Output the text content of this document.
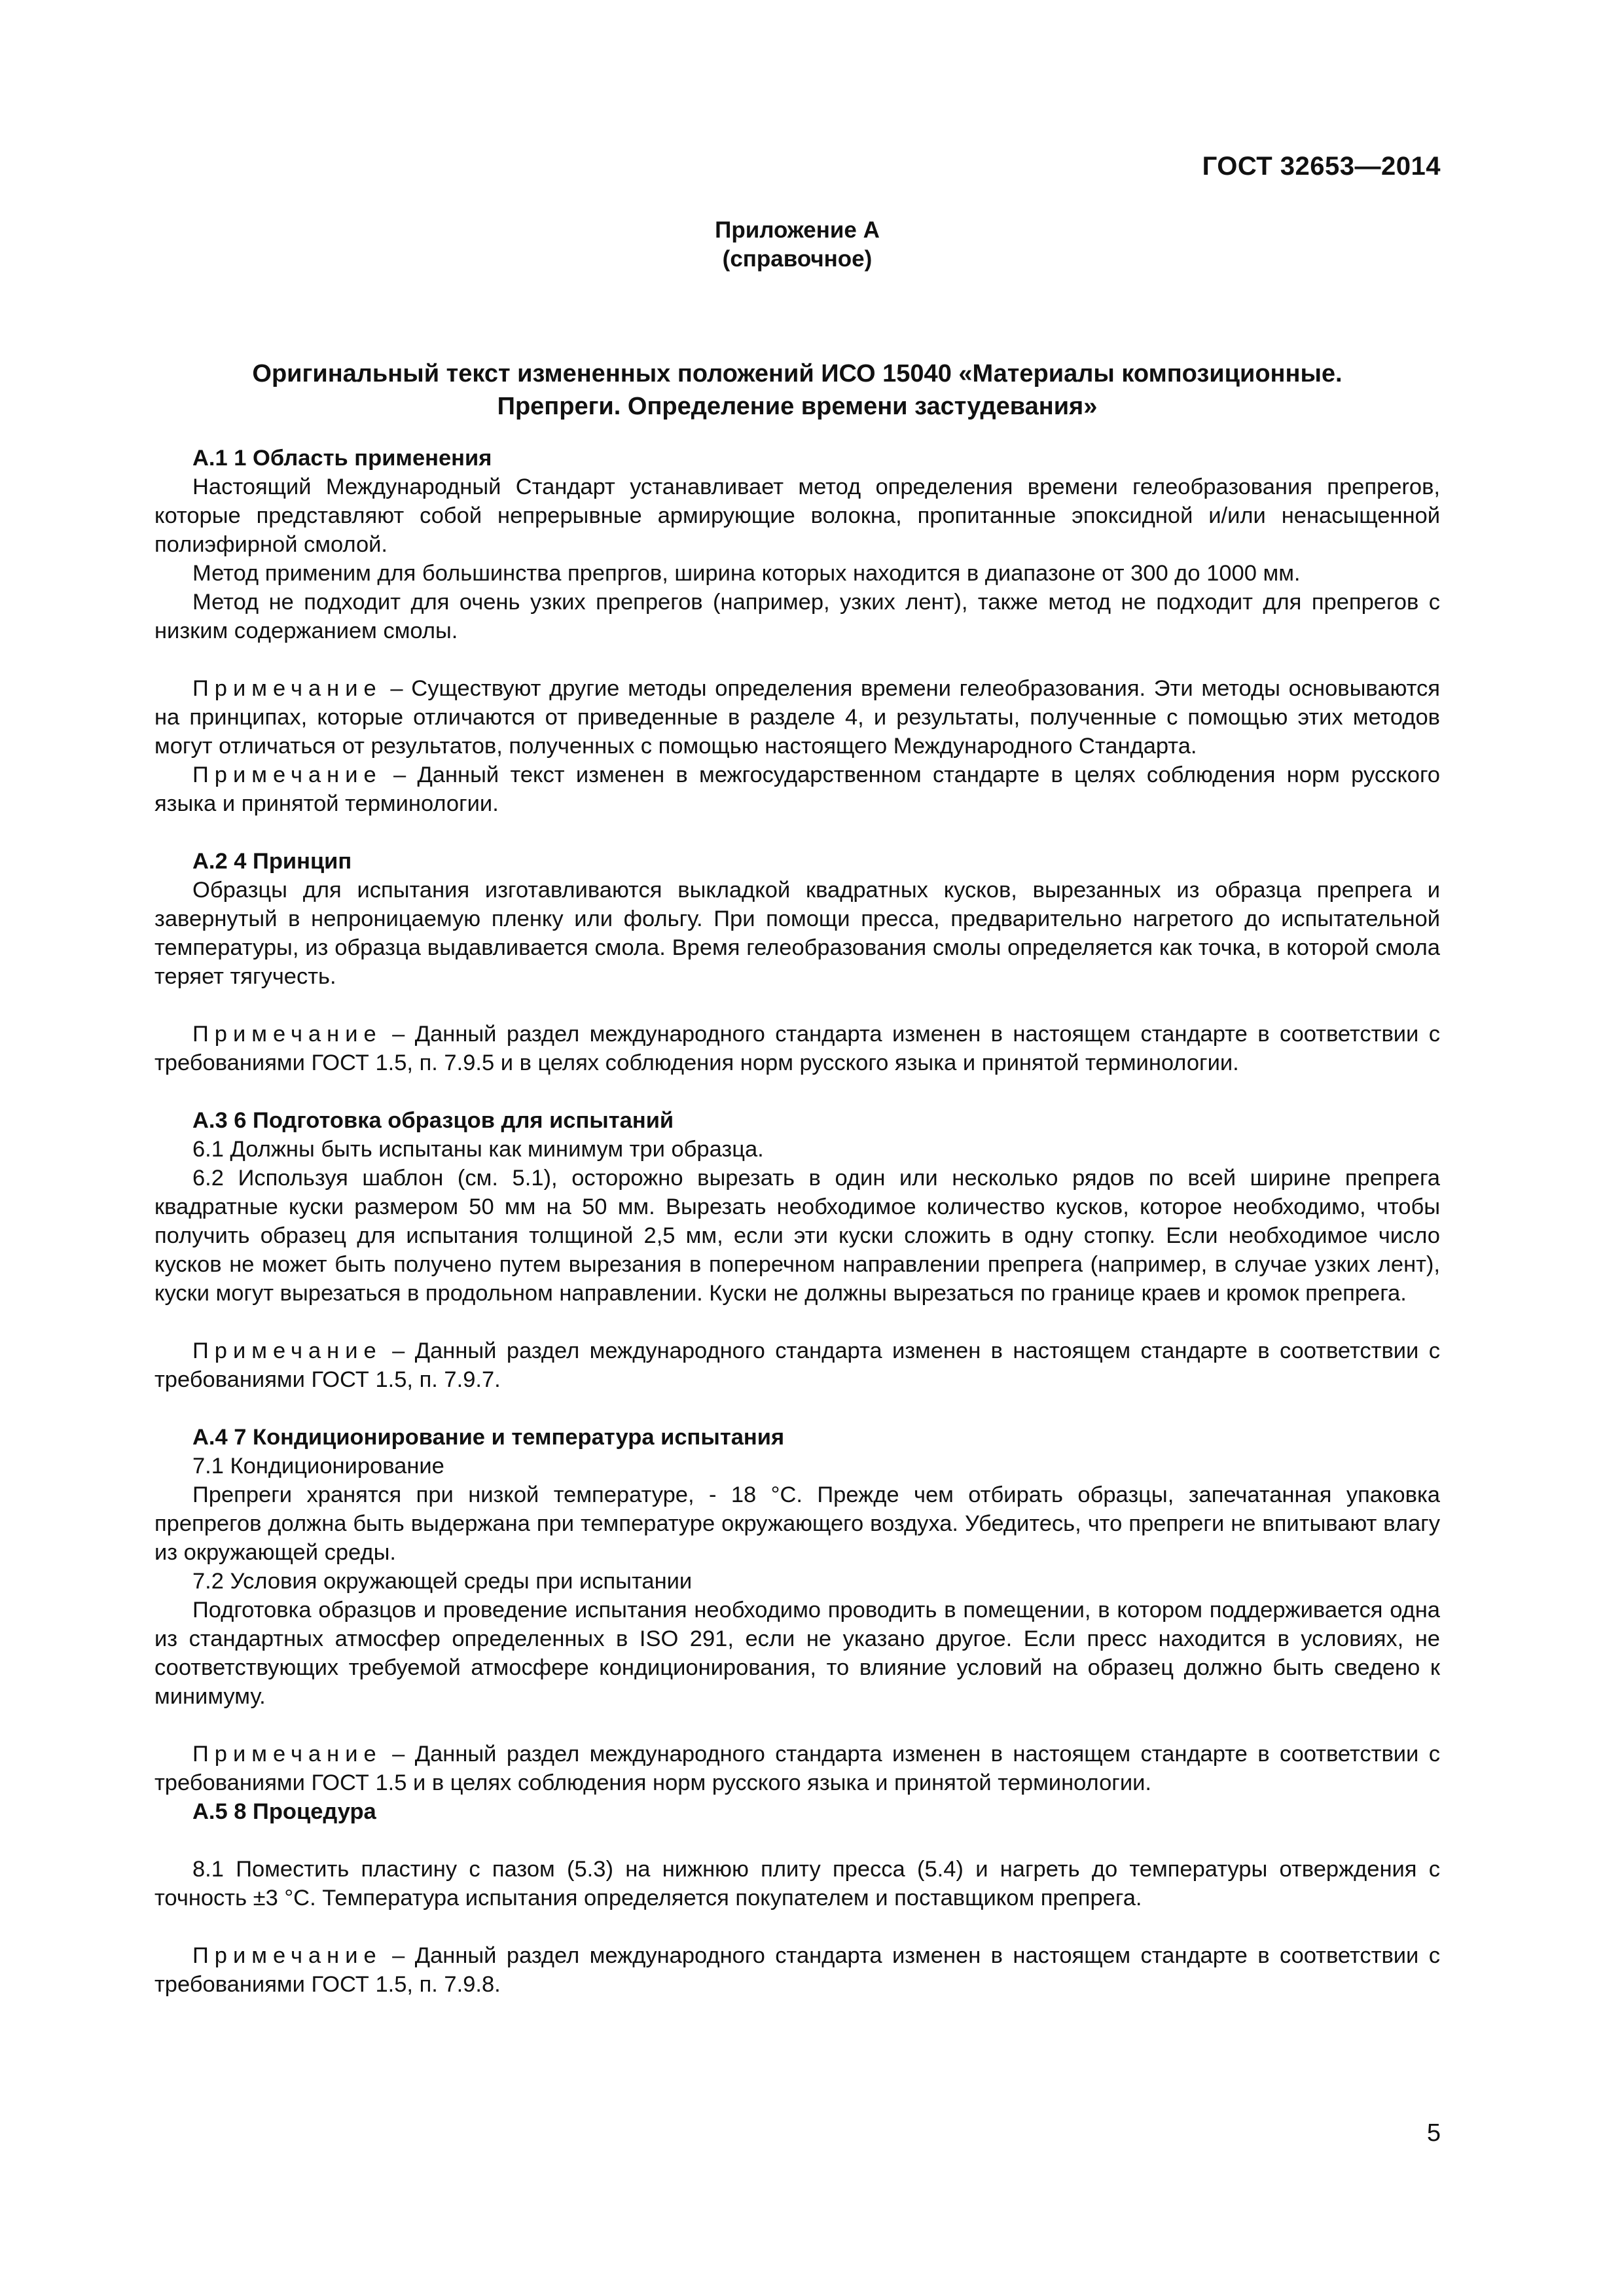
ГОСТ 32653—2014

Приложение А

(справочное)

Оригинальный текст измененных положений ИСО 15040 «Материалы композиционные.
Препреги. Определение времени застудевания»

А.1 1 Область применения

Настоящий Международный Стандарт устанавливает метод определения времени гелеобразования препреrов, которые представляют собой непрерывные армирующие волокна, пропитанные эпоксидной и/или ненасыщенной полиэфирной смолой.

Метод применим для большинства препргов, ширина которых находится в диапазоне от 300 до 1000 мм.

Метод не подходит для очень узких препрегов (например, узких лент), также метод не подходит для препрегов с низким содержанием смолы.

Примечание – Существуют другие методы определения времени гелеобразования. Эти методы основываются на принципах, которые отличаются от приведенные в разделе 4, и результаты, полученные с помощью этих методов могут отличаться от результатов, полученных с помощью настоящего Международного Стандарта.

Примечание – Данный текст изменен в межгосударственном стандарте в целях соблюдения норм русского языка и принятой терминологии.

А.2 4 Принцип

Образцы для испытания изготавливаются выкладкой квадратных кусков, вырезанных из образца препрега и завернутый в непроницаемую пленку или фольгу. При помощи пресса, предварительно нагретого до испытательной температуры, из образца выдавливается смола. Время гелеобразования смолы определяется как точка, в которой смола теряет тягучесть.

Примечание – Данный раздел международного стандарта изменен в настоящем стандарте в соответствии с требованиями ГОСТ 1.5, п. 7.9.5 и в целях соблюдения норм русского языка и принятой терминологии.

А.3 6 Подготовка образцов для испытаний

6.1 Должны быть испытаны как минимум три образца.

6.2 Используя шаблон (см. 5.1), осторожно вырезать в один или несколько рядов по всей ширине препрега квадратные куски размером 50 мм на 50 мм. Вырезать необходимое количество кусков, которое необходимо, чтобы получить образец для испытания толщиной 2,5 мм, если эти куски сложить в одну стопку. Если необходимое число кусков не может быть получено путем вырезания в поперечном направлении препрега (например, в случае узких лент), куски могут вырезаться в продольном направлении. Куски не должны вырезаться по границе краев и кромок препрега.

Примечание – Данный раздел международного стандарта изменен в настоящем стандарте в соответствии с требованиями ГОСТ 1.5, п. 7.9.7.

А.4 7 Кондиционирование и температура испытания

7.1 Кондиционирование

Препреги хранятся при низкой температуре, - 18 °С. Прежде чем отбирать образцы, запечатанная упаковка препрегов должна быть выдержана при температуре окружающего воздуха. Убедитесь, что препреги не впитывают влагу из окружающей среды.

7.2 Условия окружающей среды при испытании

Подготовка образцов и проведение испытания необходимо проводить в помещении, в котором поддерживается одна из стандартных атмосфер определенных в ISO 291, если не указано другое. Если пресс находится в условиях, не соответствующих требуемой атмосфере кондиционирования, то влияние условий на образец должно быть сведено к минимуму.

Примечание – Данный раздел международного стандарта изменен в настоящем стандарте в соответствии с требованиями ГОСТ 1.5 и в целях соблюдения норм русского языка и принятой терминологии.

А.5 8 Процедура

8.1 Поместить пластину с пазом (5.3) на нижнюю плиту пресса (5.4) и нагреть до температуры отверждения с точность ±3 °С. Температура испытания определяется покупателем и поставщиком препрега.

Примечание – Данный раздел международного стандарта изменен в настоящем стандарте в соответствии с требованиями ГОСТ 1.5, п. 7.9.8.

5
